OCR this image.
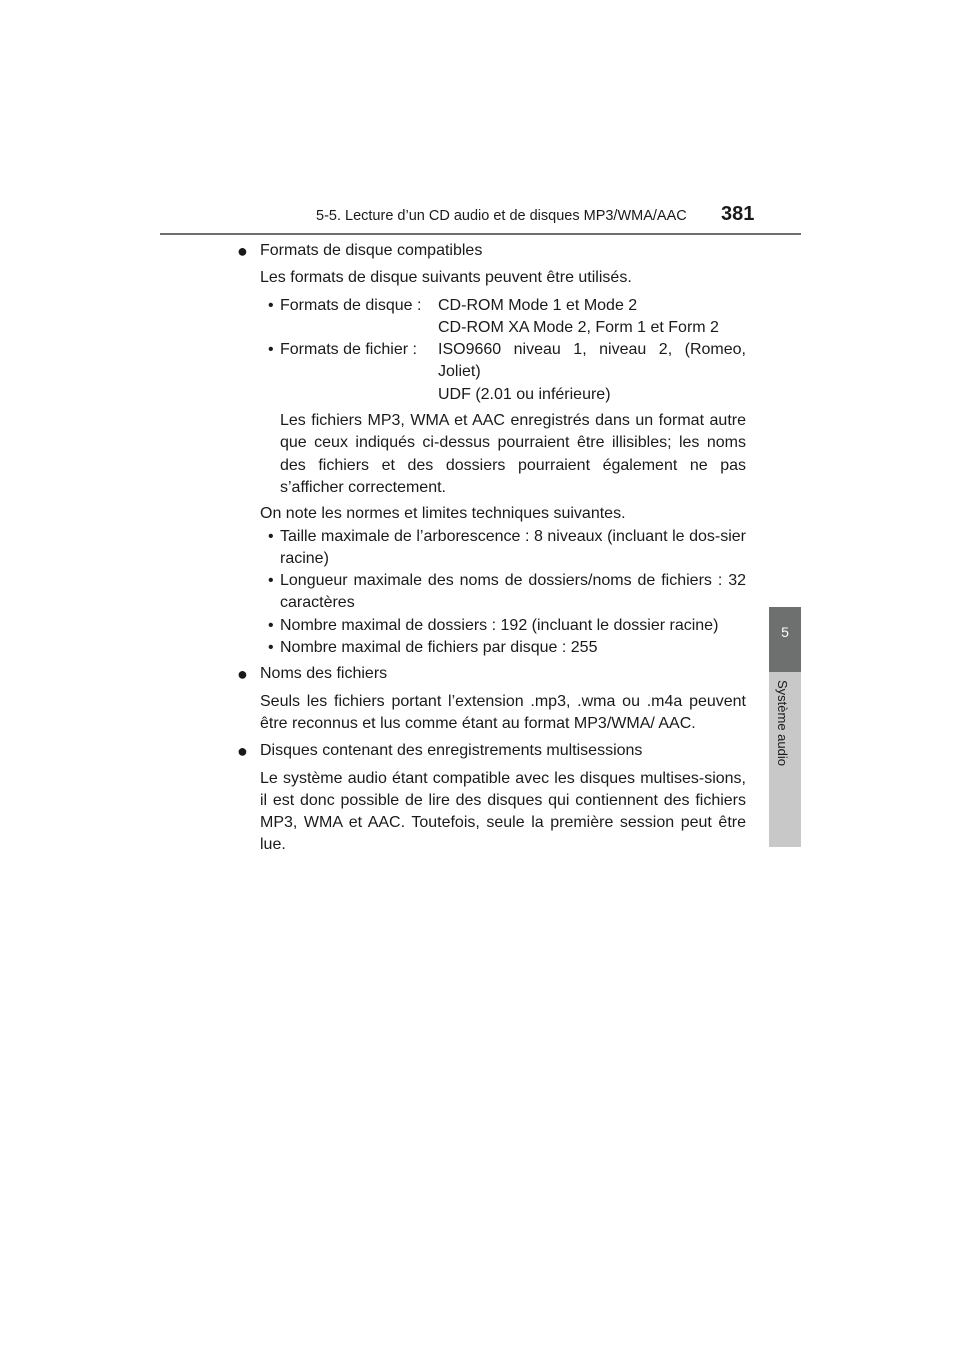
5-5. Lecture d’un CD audio et de disques MP3/WMA/AAC 381
5
Système audio
● Formats de disque compatibles
Les formats de disque suivants peuvent être utilisés.
• Formats de disque :	CD-ROM Mode 1 et Mode 2
CD-ROM XA Mode 2, Form 1 et Form 2
• Formats de fichier :	ISO9660 niveau 1, niveau 2, (Romeo, Joliet)
UDF (2.01 ou inférieure)
Les fichiers MP3, WMA et AAC enregistrés dans un format autre que ceux indiqués ci-dessus pourraient être illisibles; les noms des fichiers et des dossiers pourraient également ne pas s’afficher correctement.
On note les normes et limites techniques suivantes.
• Taille maximale de l’arborescence : 8 niveaux (incluant le dos-sier racine)
• Longueur maximale des noms de dossiers/noms de fichiers : 32 caractères
• Nombre maximal de dossiers : 192 (incluant le dossier racine)
• Nombre maximal de fichiers par disque : 255
● Noms des fichiers
Seuls les fichiers portant l’extension .mp3, .wma ou .m4a peuvent être reconnus et lus comme étant au format MP3/WMA/ AAC.
● Disques contenant des enregistrements multisessions
Le système audio étant compatible avec les disques multises-sions, il est donc possible de lire des disques qui contiennent des fichiers MP3, WMA et AAC. Toutefois, seule la première session peut être lue.
